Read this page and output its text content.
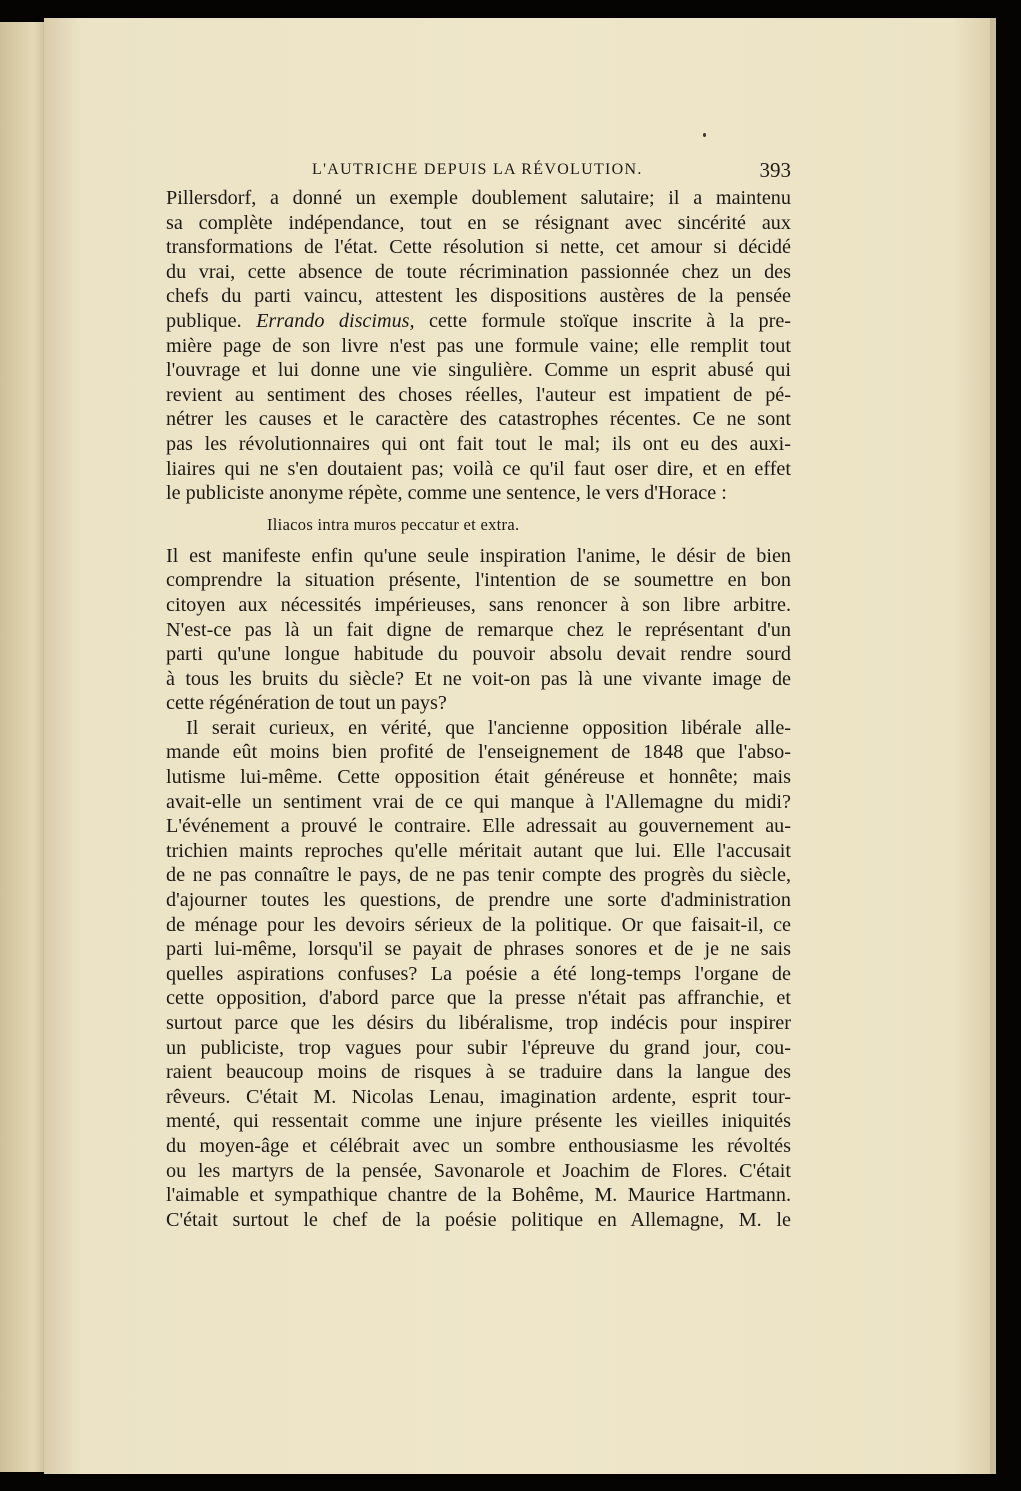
L'AUTRICHE DEPUIS LA RÉVOLUTION.	393
Pillersdorf, a donné un exemple doublement salutaire; il a maintenu
sa complète indépendance, tout en se résignant avec sincérité aux
transformations de l'état. Cette résolution si nette, cet amour si décidé
du vrai, cette absence de toute récrimination passionnée chez un des
chefs du parti vaincu, attestent les dispositions austères de la pensée
publique. Errando discimus, cette formule stoïque inscrite à la pre-
mière page de son livre n'est pas une formule vaine; elle remplit tout
l'ouvrage et lui donne une vie singulière. Comme un esprit abusé qui
revient au sentiment des choses réelles, l'auteur est impatient de pé-
nétrer les causes et le caractère des catastrophes récentes. Ce ne sont
pas les révolutionnaires qui ont fait tout le mal; ils ont eu des auxi-
liaires qui ne s'en doutaient pas; voilà ce qu'il faut oser dire, et en effet
le publiciste anonyme répète, comme une sentence, le vers d'Horace :
Iliacos intra muros peccatur et extra.
Il est manifeste enfin qu'une seule inspiration l'anime, le désir de bien
comprendre la situation présente, l'intention de se soumettre en bon
citoyen aux nécessités impérieuses, sans renoncer à son libre arbitre.
N'est-ce pas là un fait digne de remarque chez le représentant d'un
parti qu'une longue habitude du pouvoir absolu devait rendre sourd
à tous les bruits du siècle? Et ne voit-on pas là une vivante image de
cette régénération de tout un pays?
Il serait curieux, en vérité, que l'ancienne opposition libérale alle-
mande eût moins bien profité de l'enseignement de 1848 que l'abso-
lutisme lui-même. Cette opposition était généreuse et honnête; mais
avait-elle un sentiment vrai de ce qui manque à l'Allemagne du midi?
L'événement a prouvé le contraire. Elle adressait au gouvernement au-
trichien maints reproches qu'elle méritait autant que lui. Elle l'accusait
de ne pas connaître le pays, de ne pas tenir compte des progrès du siècle,
d'ajourner toutes les questions, de prendre une sorte d'administration
de ménage pour les devoirs sérieux de la politique. Or que faisait-il, ce
parti lui-même, lorsqu'il se payait de phrases sonores et de je ne sais
quelles aspirations confuses? La poésie a été long-temps l'organe de
cette opposition, d'abord parce que la presse n'était pas affranchie, et
surtout parce que les désirs du libéralisme, trop indécis pour inspirer
un publiciste, trop vagues pour subir l'épreuve du grand jour, cou-
raient beaucoup moins de risques à se traduire dans la langue des
rêveurs. C'était M. Nicolas Lenau, imagination ardente, esprit tour-
menté, qui ressentait comme une injure présente les vieilles iniquités
du moyen-âge et célébrait avec un sombre enthousiasme les révoltés
ou les martyrs de la pensée, Savonarole et Joachim de Flores. C'était
l'aimable et sympathique chantre de la Bohême, M. Maurice Hartmann.
C'était surtout le chef de la poésie politique en Allemagne, M. le
